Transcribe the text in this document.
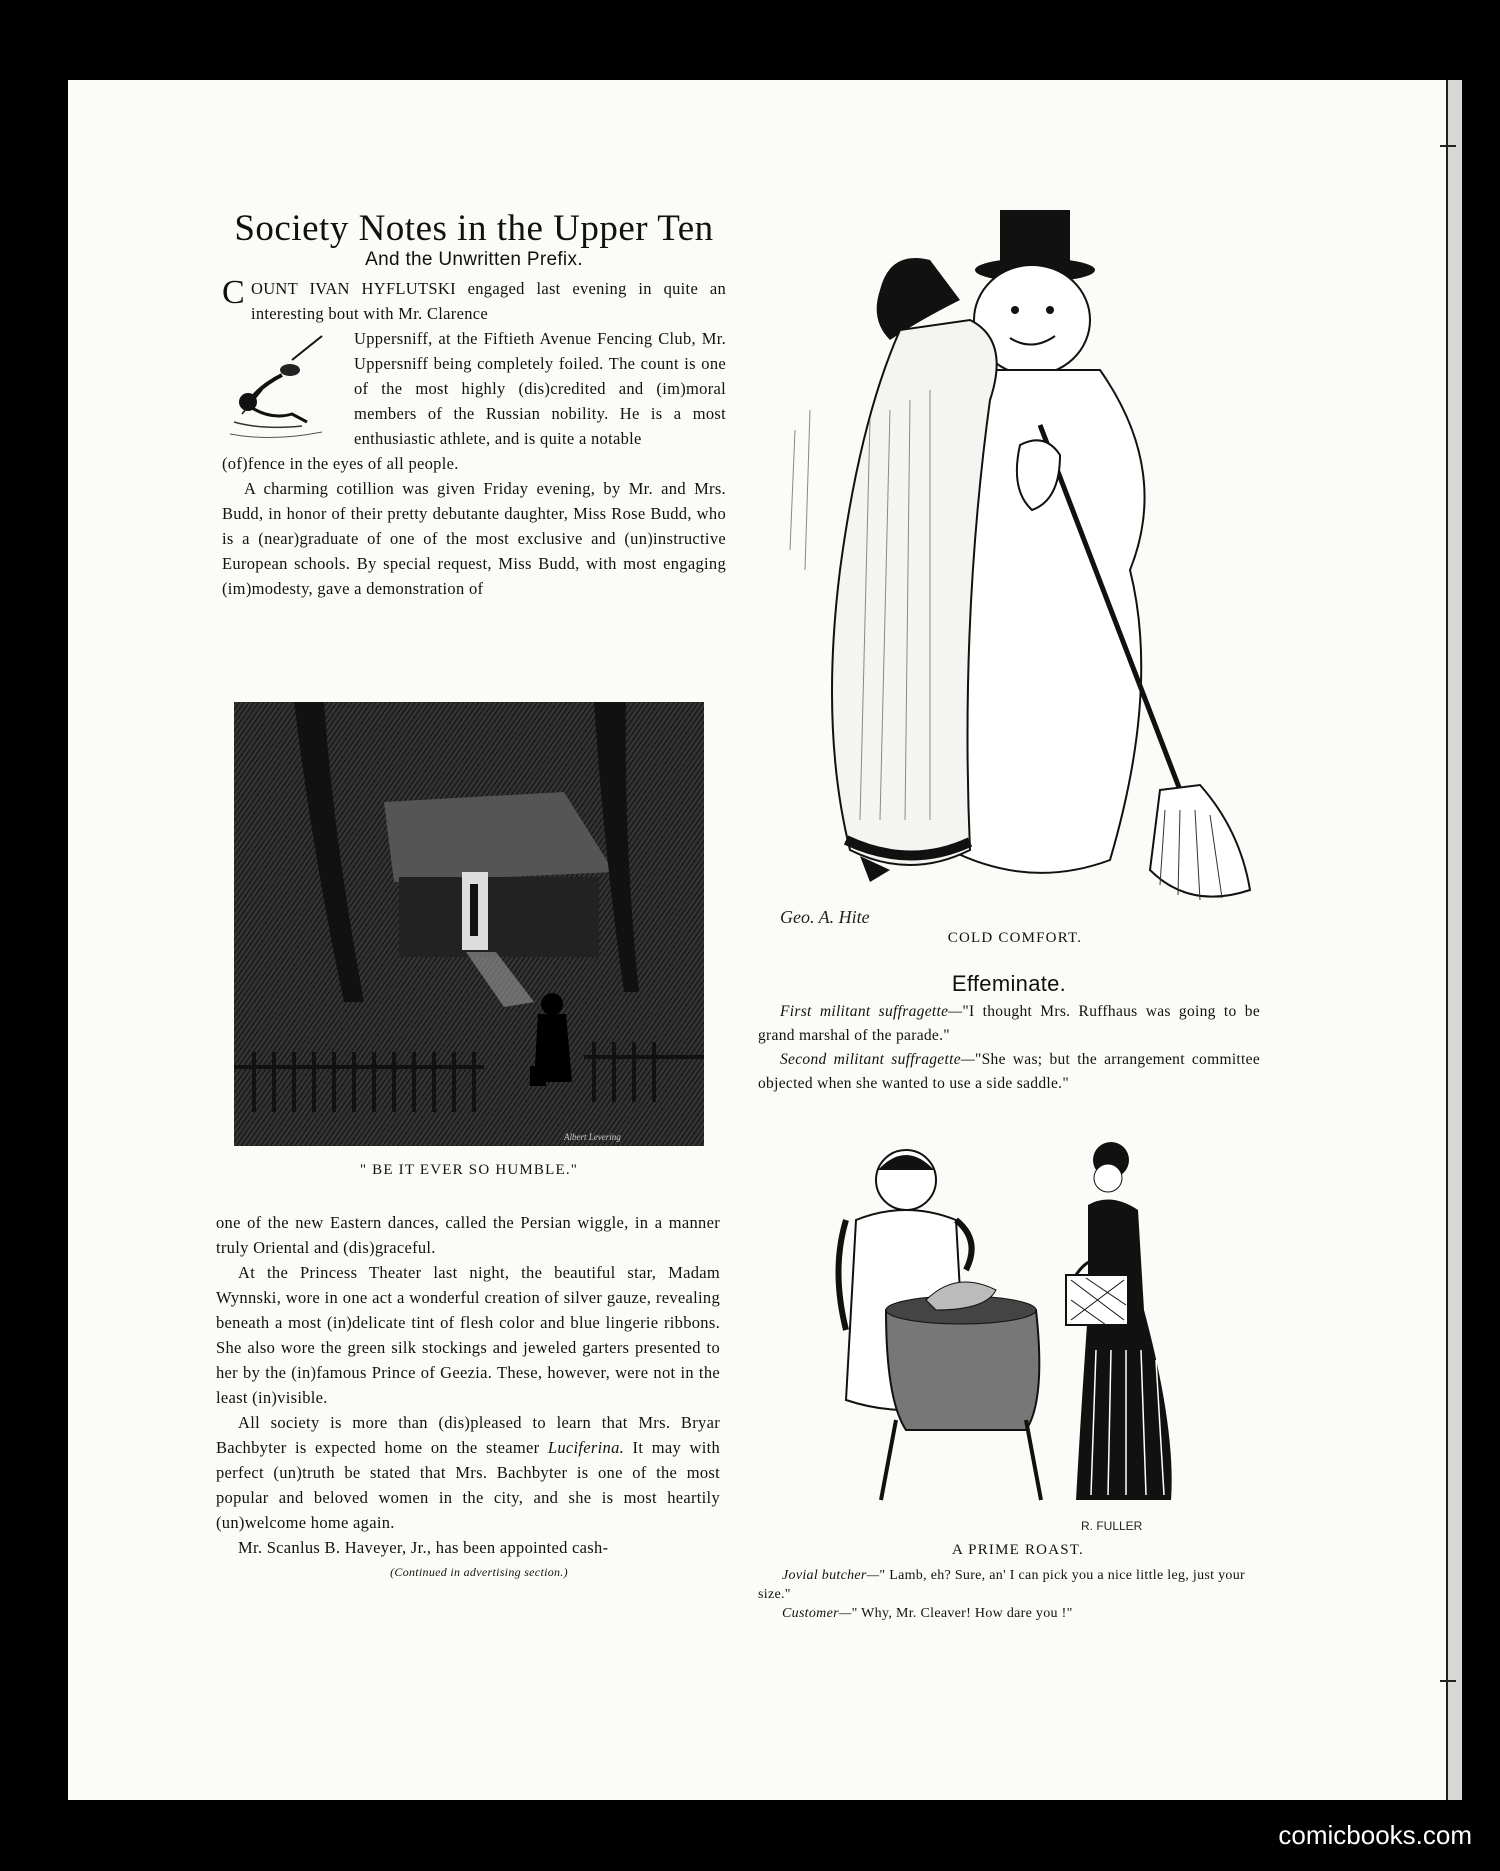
Society Notes in the Upper Ten
And the Unwritten Prefix.

COUNT IVAN HYFLUTSKI engaged last evening in quite an interesting bout with Mr. Clarence

Uppersniff, at the Fiftieth Avenue Fencing Club, Mr. Uppersniff being completely foiled. The count is one of the most highly (dis)credited and (im)moral members of the Russian nobility. He is a most enthusiastic athlete, and is quite a notable

(of)fence in the eyes of all people.

A charming cotillion was given Friday evening, by Mr. and Mrs. Budd, in honor of their pretty debutante daughter, Miss Rose Budd, who is a (near)graduate of one of the most exclusive and (un)instructive European schools. By special request, Miss Budd, with most engaging (im)modesty, gave a demonstration of

Albert Levering
" BE IT EVER SO HUMBLE."

one of the new Eastern dances, called the Persian wiggle, in a manner truly Oriental and (dis)graceful.

At the Princess Theater last night, the beautiful star, Madam Wynnski, wore in one act a wonderful creation of silver gauze, revealing beneath a most (in)delicate tint of flesh color and blue lingerie ribbons. She also wore the green silk stockings and jeweled garters presented to her by the (in)famous Prince of Geezia. These, however, were not in the least (in)visible.

All society is more than (dis)pleased to learn that Mrs. Bryar Bachbyter is expected home on the steamer Luciferina. It may with perfect (un)truth be stated that Mrs. Bachbyter is one of the most popular and beloved women in the city, and she is most heartily (un)welcome home again.

Mr. Scanlus B. Haveyer, Jr., has been appointed cash-

(Continued in advertising section.)

Geo. A. Hite
COLD COMFORT.
Effeminate.

First militant suffragette—"I thought Mrs. Ruffhaus was going to be grand marshal of the parade."

Second militant suffragette—"She was; but the arrangement committee objected when she wanted to use a side saddle."

R. FULLER
A PRIME ROAST.

Jovial butcher—" Lamb, eh? Sure, an' I can pick you a nice little leg, just your size."

Customer—" Why, Mr. Cleaver! How dare you !"

comicbooks.com
